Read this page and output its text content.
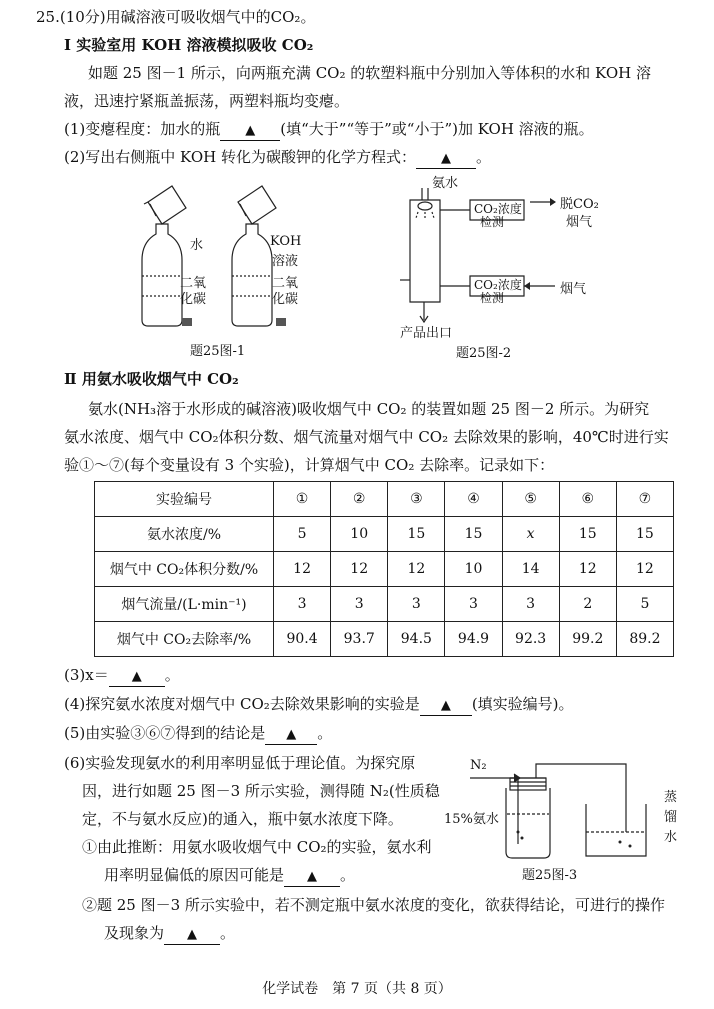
25.(10分)用碱溶液可吸收烟气中的CO₂。
Ⅰ 实验室用 KOH 溶液模拟吸收 CO₂
如题 25 图－1 所示，向两瓶充满 CO₂ 的软塑料瓶中分别加入等体积的水和 KOH 溶
液，迅速拧紧瓶盖振荡，两塑料瓶均变瘪。
(1)变瘪程度：加水的瓶 ▲ (填“大于”“等于”或“小于”)加 KOH 溶液的瓶。
(2)写出右侧瓶中 KOH 转化为碳酸钾的化学方程式： ▲ 。
水
二氧
化碳
KOH
溶液
二氧
化碳
题25图-1
氨水
CO₂浓度
检测
脱CO₂
烟气
CO₂浓度
检测
烟气
产品出口
题25图-2
Ⅱ 用氨水吸收烟气中 CO₂
氨水(NH₃溶于水形成的碱溶液)吸收烟气中 CO₂ 的装置如题 25 图－2 所示。为研究
氨水浓度、烟气中 CO₂体积分数、烟气流量对烟气中 CO₂ 去除效果的影响，40℃时进行实
验①～⑦(每个变量设有 3 个实验)，计算烟气中 CO₂ 去除率。记录如下：
实验编号	①	②	③	④	⑤	⑥	⑦
氨水浓度/%	5	10	15	15	x	15	15
烟气中 CO₂体积分数/%	12	12	12	10	14	12	12
烟气流量/(L·min⁻¹)	3	3	3	3	3	2	5
烟气中 CO₂去除率/%	90.4	93.7	94.5	94.9	92.3	99.2	89.2
(3)x＝ ▲ 。
(4)探究氨水浓度对烟气中 CO₂去除效果影响的实验是 ▲ (填实验编号)。
(5)由实验③⑥⑦得到的结论是 ▲ 。
(6)实验发现氨水的利用率明显低于理论值。为探究原
因，进行如题 25 图－3 所示实验，测得随 N₂(性质稳
定，不与氨水反应)的通入，瓶中氨水浓度下降。
①由此推断：用氨水吸收烟气中 CO₂的实验，氨水利
用率明显偏低的原因可能是 ▲ 。
②题 25 图－3 所示实验中，若不测定瓶中氨水浓度的变化，欲获得结论，可进行的操作
及现象为 ▲ 。
N₂
15%氨水
蒸
馏
水
题25图-3
化学试卷　第 7 页（共 8 页）
